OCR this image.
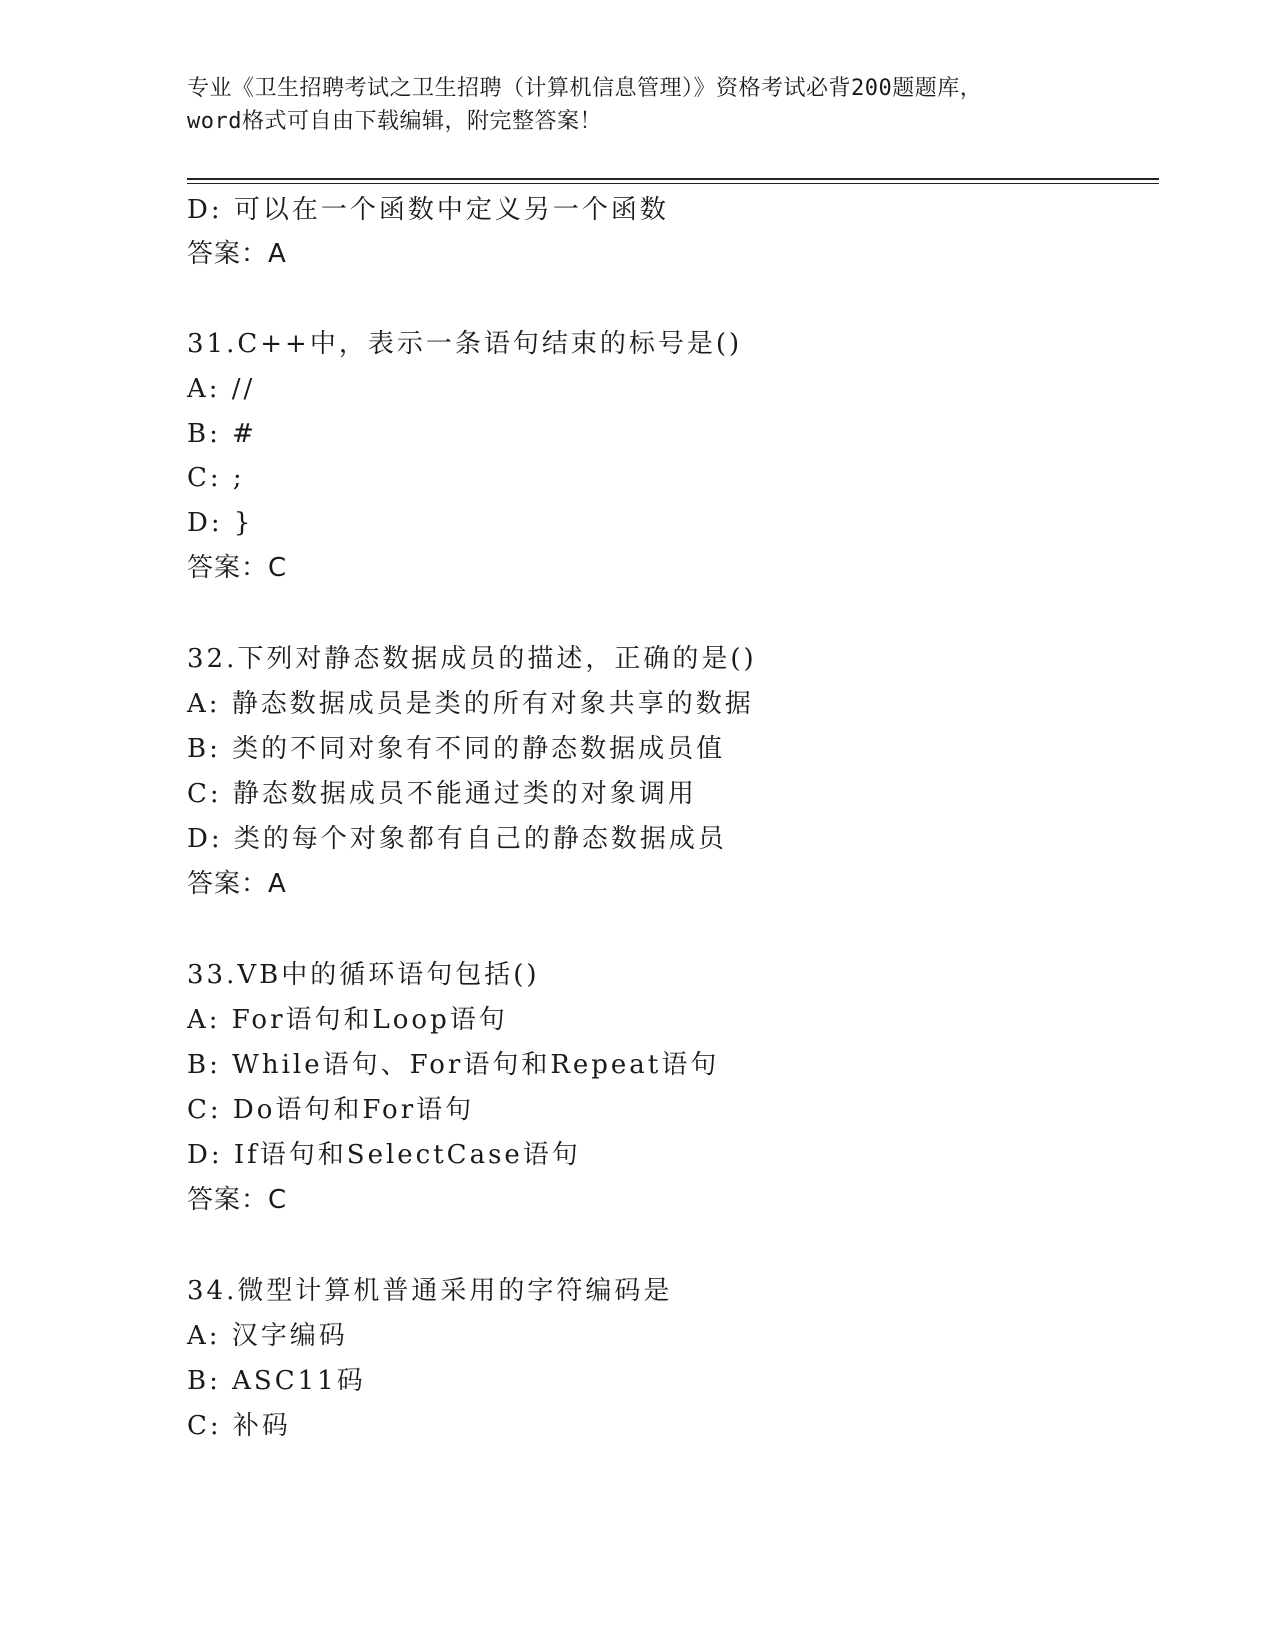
专业《卫生招聘考试之卫生招聘（计算机信息管理）》资格考试必背200题题库，
word格式可自由下载编辑，附完整答案！
D: 可以在一个函数中定义另一个函数
答案：A
31.C++中，表示一条语句结束的标号是()
A: //
B: #
C: ;
D: }
答案：C
32.下列对静态数据成员的描述，正确的是()
A: 静态数据成员是类的所有对象共享的数据
B: 类的不同对象有不同的静态数据成员值
C: 静态数据成员不能通过类的对象调用
D: 类的每个对象都有自己的静态数据成员
答案：A
33.VB中的循环语句包括()
A: For语句和Loop语句
B: While语句、For语句和Repeat语句
C: Do语句和For语句
D: If语句和SelectCase语句
答案：C
34.微型计算机普通采用的字符编码是
A: 汉字编码
B: ASC11码
C: 补码
